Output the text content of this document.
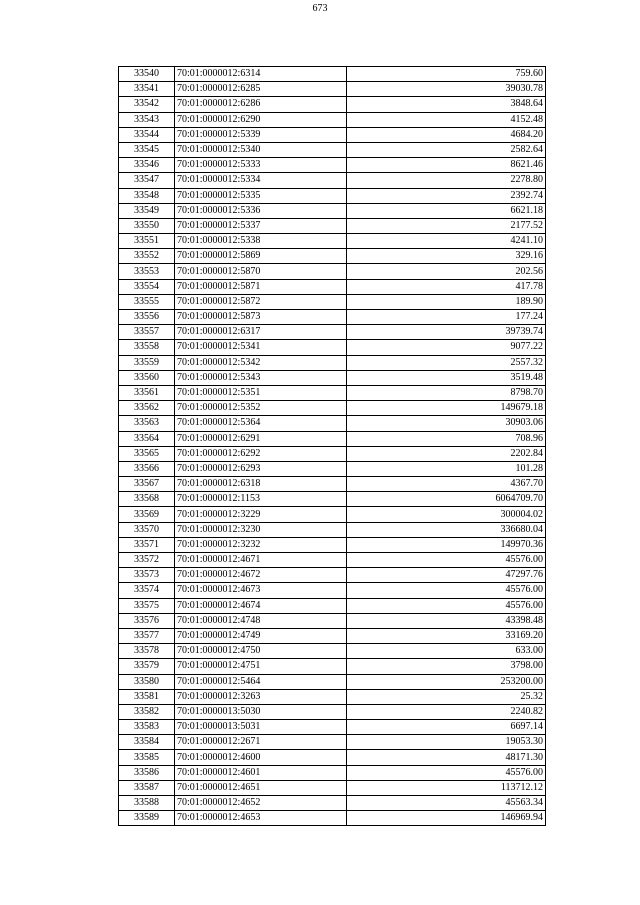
673
33540	70:01:0000012:6314	759.60
33541	70:01:0000012:6285	39030.78
33542	70:01:0000012:6286	3848.64
33543	70:01:0000012:6290	4152.48
33544	70:01:0000012:5339	4684.20
33545	70:01:0000012:5340	2582.64
33546	70:01:0000012:5333	8621.46
33547	70:01:0000012:5334	2278.80
33548	70:01:0000012:5335	2392.74
33549	70:01:0000012:5336	6621.18
33550	70:01:0000012:5337	2177.52
33551	70:01:0000012:5338	4241.10
33552	70:01:0000012:5869	329.16
33553	70:01:0000012:5870	202.56
33554	70:01:0000012:5871	417.78
33555	70:01:0000012:5872	189.90
33556	70:01:0000012:5873	177.24
33557	70:01:0000012:6317	39739.74
33558	70:01:0000012:5341	9077.22
33559	70:01:0000012:5342	2557.32
33560	70:01:0000012:5343	3519.48
33561	70:01:0000012:5351	8798.70
33562	70:01:0000012:5352	149679.18
33563	70:01:0000012:5364	30903.06
33564	70:01:0000012:6291	708.96
33565	70:01:0000012:6292	2202.84
33566	70:01:0000012:6293	101.28
33567	70:01:0000012:6318	4367.70
33568	70:01:0000012:1153	6064709.70
33569	70:01:0000012:3229	300004.02
33570	70:01:0000012:3230	336680.04
33571	70:01:0000012:3232	149970.36
33572	70:01:0000012:4671	45576.00
33573	70:01:0000012:4672	47297.76
33574	70:01:0000012:4673	45576.00
33575	70:01:0000012:4674	45576.00
33576	70:01:0000012:4748	43398.48
33577	70:01:0000012:4749	33169.20
33578	70:01:0000012:4750	633.00
33579	70:01:0000012:4751	3798.00
33580	70:01:0000012:5464	253200.00
33581	70:01:0000012:3263	25.32
33582	70:01:0000013:5030	2240.82
33583	70:01:0000013:5031	6697.14
33584	70:01:0000012:2671	19053.30
33585	70:01:0000012:4600	48171.30
33586	70:01:0000012:4601	45576.00
33587	70:01:0000012:4651	113712.12
33588	70:01:0000012:4652	45563.34
33589	70:01:0000012:4653	146969.94
